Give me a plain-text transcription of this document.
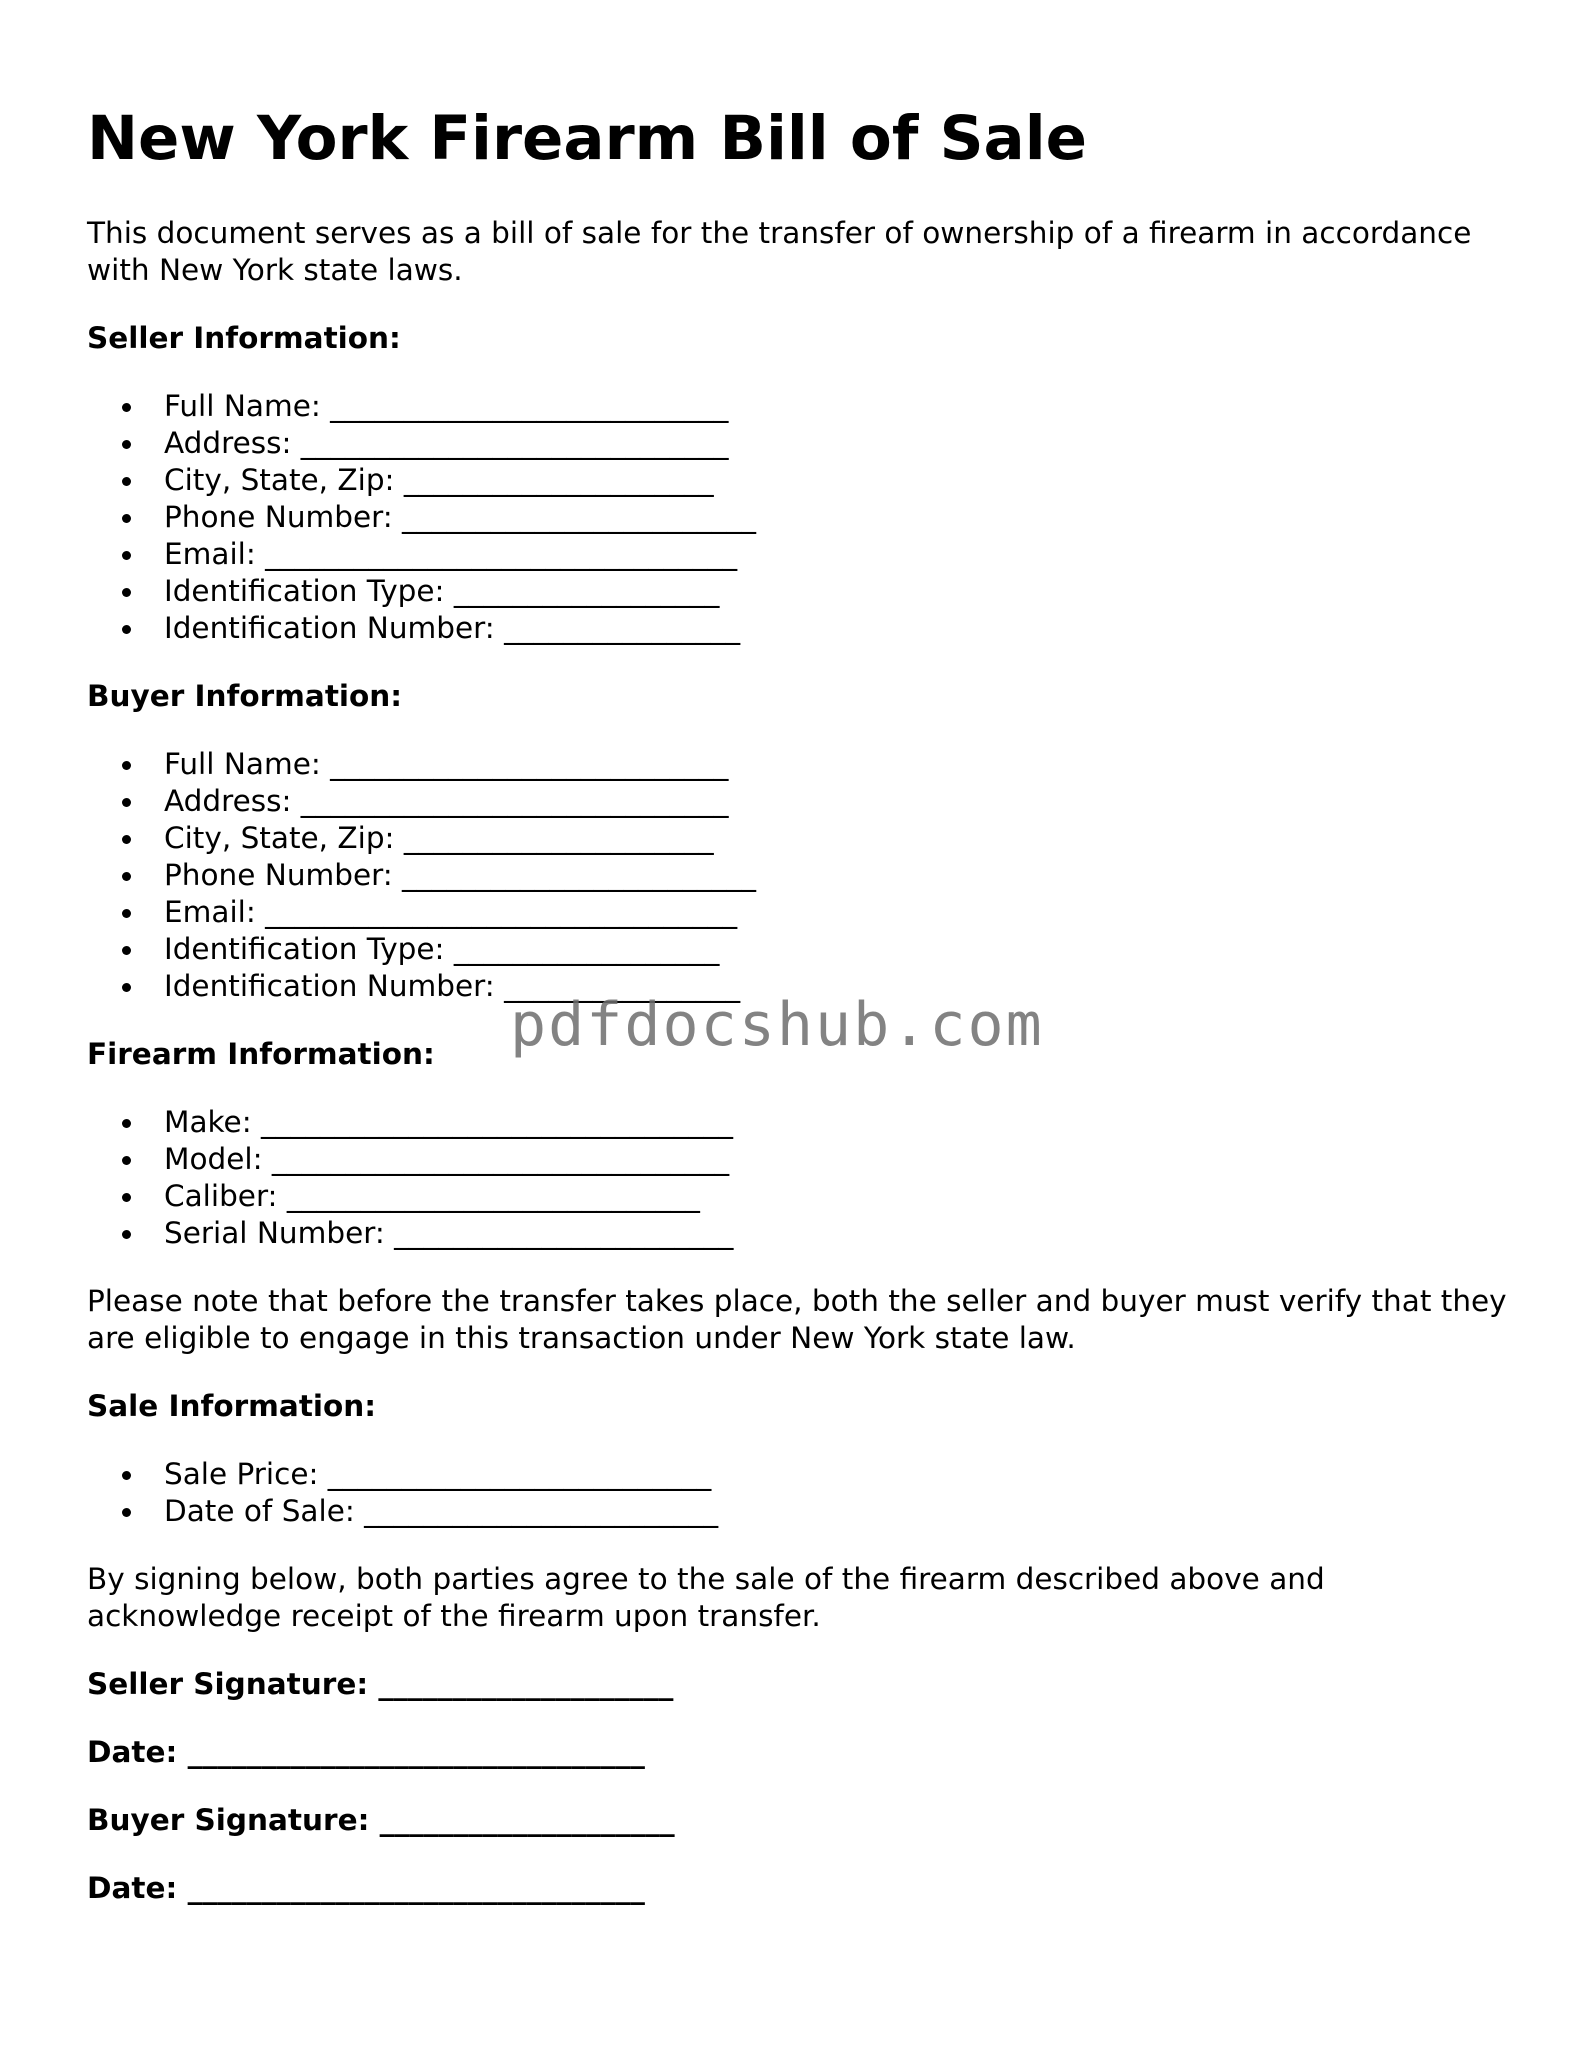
New York Firearm Bill of Sale

This document serves as a bill of sale for the transfer of ownership of a firearm in accordance with New York state laws.

Seller Information:
Full Name: ___________________________
Address: _____________________________
City, State, Zip: _____________________
Phone Number: ________________________
Email: ________________________________
Identification Type: __________________
Identification Number: ________________
Buyer Information:
Full Name: ___________________________
Address: _____________________________
City, State, Zip: _____________________
Phone Number: ________________________
Email: ________________________________
Identification Type: __________________
Identification Number: ________________
Firearm Information:
Make: ________________________________
Model: _______________________________
Caliber: ____________________________
Serial Number: _______________________

Please note that before the transfer takes place, both the seller and buyer must verify that they are eligible to engage in this transaction under New York state law.

Sale Information:
Sale Price: __________________________
Date of Sale: ________________________

By signing below, both parties agree to the sale of the firearm described above and acknowledge receipt of the firearm upon transfer.

Seller Signature: ____________________
Date: _______________________________
Buyer Signature: ____________________
Date: _______________________________
pdfdocshub.com
